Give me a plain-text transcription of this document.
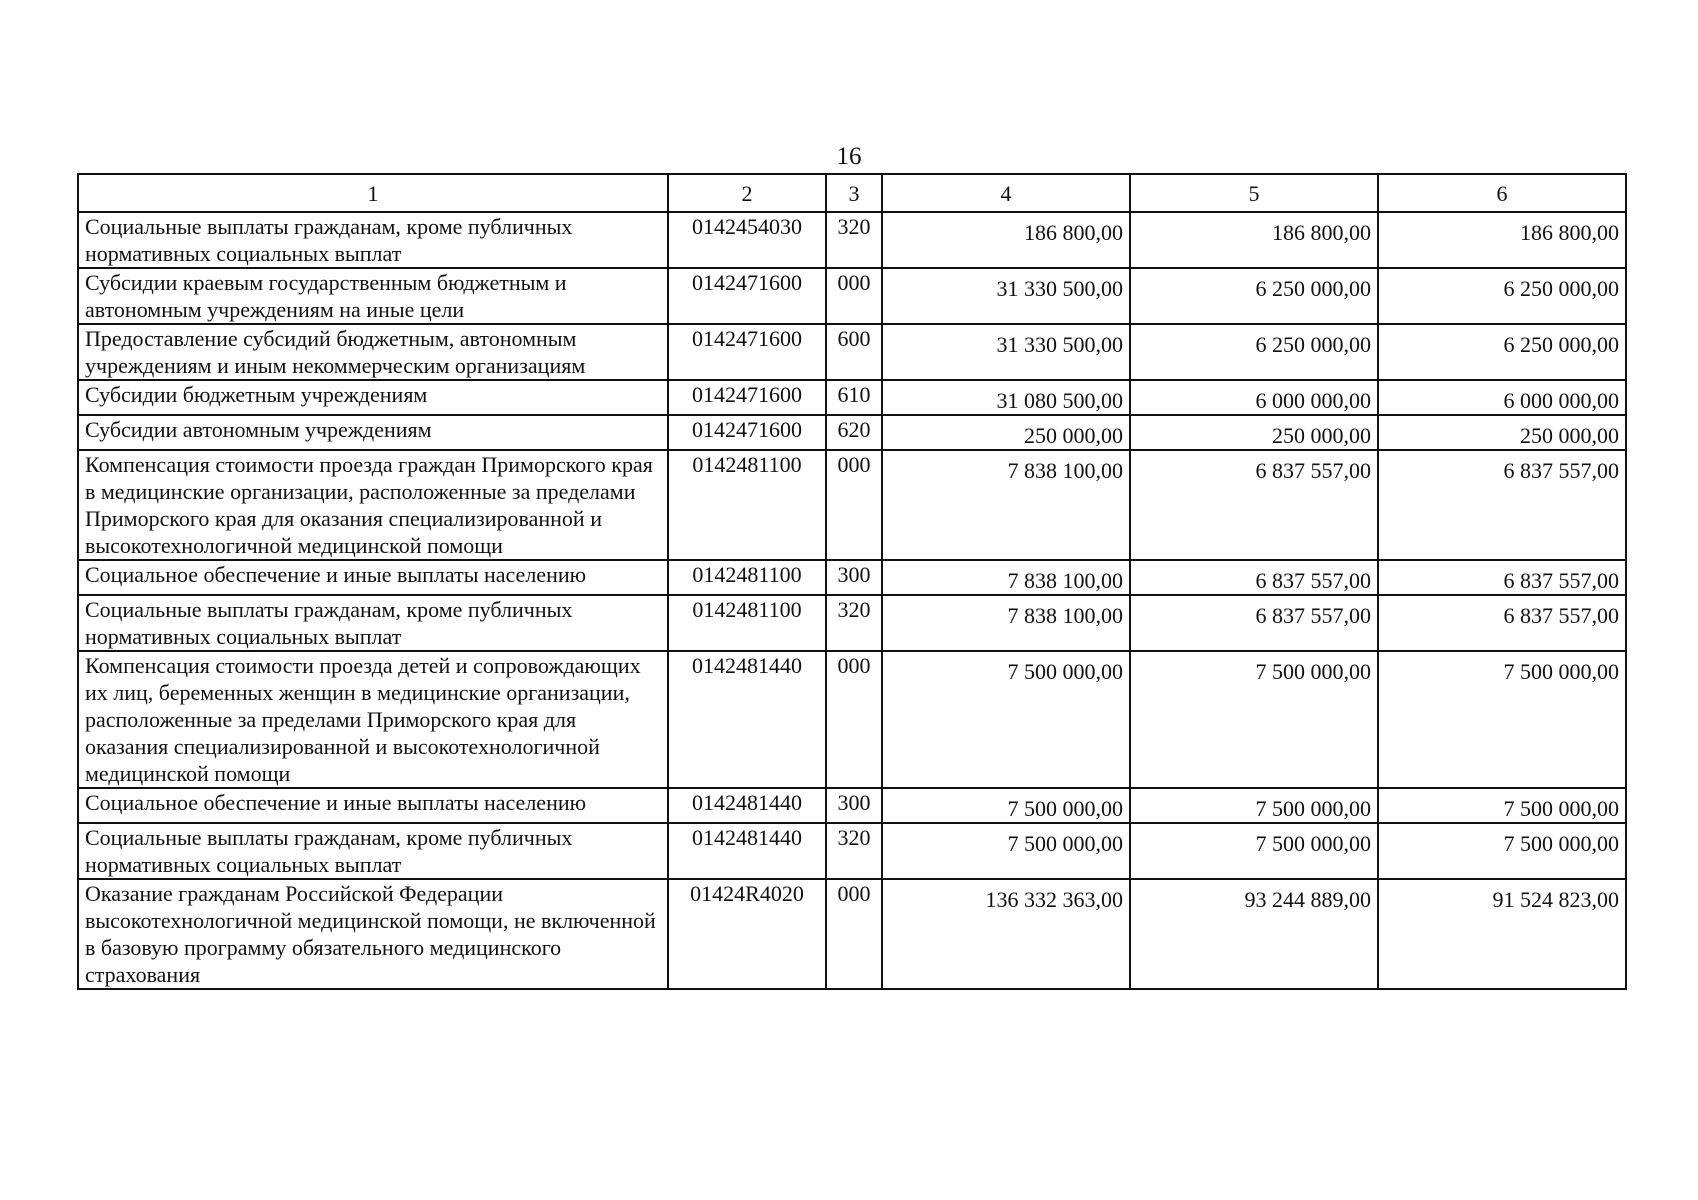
16
1	2	3	4	5	6
Социальные выплаты гражданам, кроме публичных нормативных социальных выплат	0142454030	320	186 800,00	186 800,00	186 800,00
Субсидии краевым государственным бюджетным и автономным учреждениям на иные цели	0142471600	000	31 330 500,00	6 250 000,00	6 250 000,00
Предоставление субсидий бюджетным, автономным учреждениям и иным некоммерческим организациям	0142471600	600	31 330 500,00	6 250 000,00	6 250 000,00
Субсидии бюджетным учреждениям	0142471600	610	31 080 500,00	6 000 000,00	6 000 000,00
Субсидии автономным учреждениям	0142471600	620	250 000,00	250 000,00	250 000,00
Компенсация стоимости проезда граждан Приморского края в медицинские организации, расположенные за пределами Приморского края для оказания специализированной и высокотехнологичной медицинской помощи	0142481100	000	7 838 100,00	6 837 557,00	6 837 557,00
Социальное обеспечение и иные выплаты населению	0142481100	300	7 838 100,00	6 837 557,00	6 837 557,00
Социальные выплаты гражданам, кроме публичных нормативных социальных выплат	0142481100	320	7 838 100,00	6 837 557,00	6 837 557,00
Компенсация стоимости проезда детей и сопровождающих их лиц, беременных женщин в медицинские организации, расположенные за пределами Приморского края для оказания специализированной и высокотехнологичной медицинской помощи	0142481440	000	7 500 000,00	7 500 000,00	7 500 000,00
Социальное обеспечение и иные выплаты населению	0142481440	300	7 500 000,00	7 500 000,00	7 500 000,00
Социальные выплаты гражданам, кроме публичных нормативных социальных выплат	0142481440	320	7 500 000,00	7 500 000,00	7 500 000,00
Оказание гражданам Российской Федерации высокотехнологичной медицинской помощи, не включенной в базовую программу обязательного медицинского страхования	01424R4020	000	136 332 363,00	93 244 889,00	91 524 823,00
